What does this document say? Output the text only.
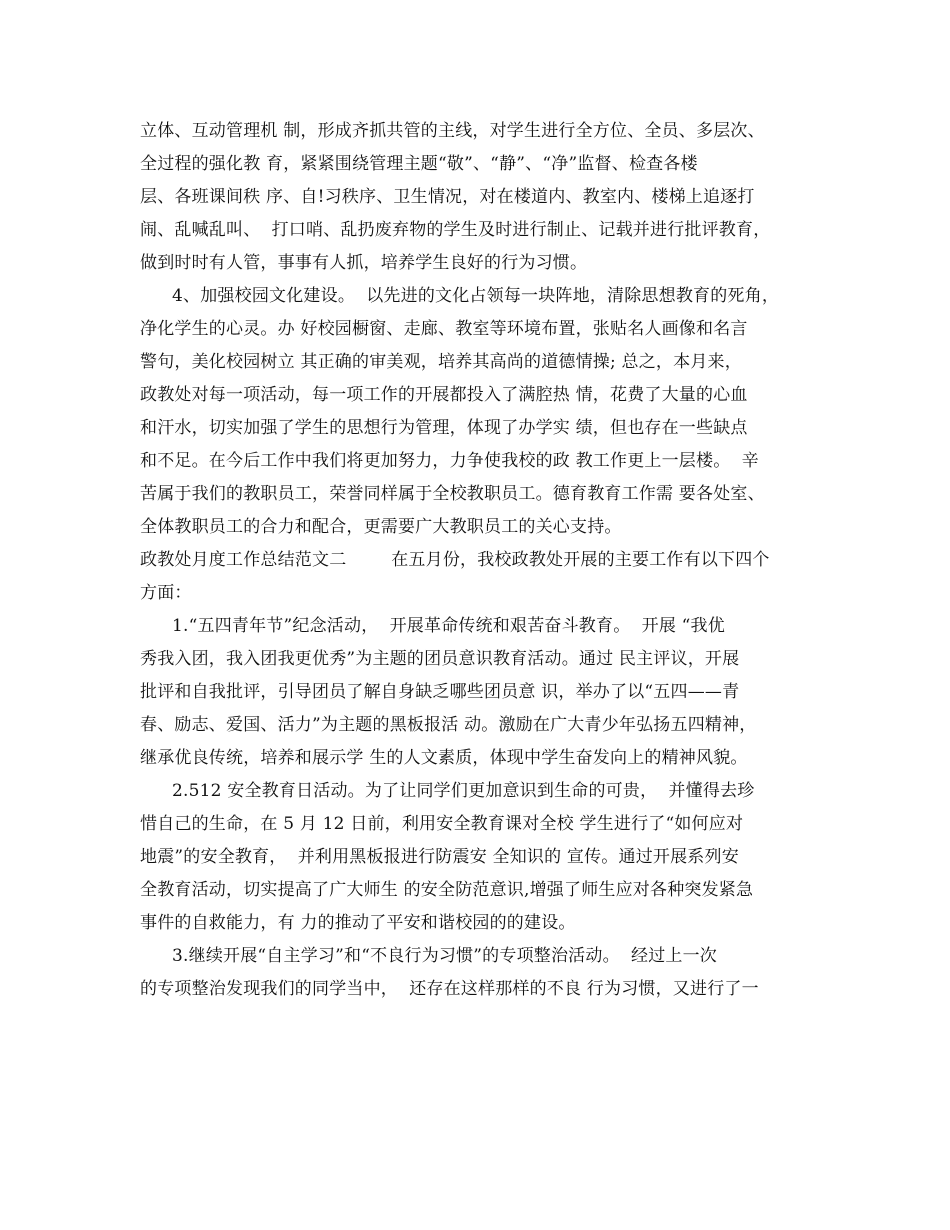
立体、互动管理机 制，形成齐抓共管的主线，对学生进行全方位、全员、多层次、
全过程的强化教 育，紧紧围绕管理主题“敬”、“静”、“净”监督、检查各楼
层、各班课间秩 序、自!习秩序、卫生情况，对在楼道内、教室内、楼梯上追逐打
闹、乱喊乱叫、  打口哨、乱扔废弃物的学生及时进行制止、记载并进行批评教育，
做到时时有人管，事事有人抓，培养学生良好的行为习惯。
4、加强校园文化建设。  以先进的文化占领每一块阵地，清除思想教育的死角，
净化学生的心灵。办 好校园橱窗、走廊、教室等环境布置，张贴名人画像和名言
警句，美化校园树立 其正确的审美观，培养其高尚的道德情操; 总之，本月来，
政教处对每一项活动，每一项工作的开展都投入了满腔热 情，花费了大量的心血
和汗水，切实加强了学生的思想行为管理，体现了办学实 绩，但也存在一些缺点
和不足。在今后工作中我们将更加努力，力争使我校的政 教工作更上一层楼。  辛
苦属于我们的教职员工，荣誉同样属于全校教职员工。德育教育工作需 要各处室、
全体教职员工的合力和配合，更需要广大教职员工的关心支持。
政教处月度工作总结范文二        在五月份，我校政教处开展的主要工作有以下四个
方面：
1.“五四青年节”纪念活动，  开展革命传统和艰苦奋斗教育。  开展 “我优
秀我入团，我入团我更优秀”为主题的团员意识教育活动。通过 民主评议，开展
批评和自我批评，引导团员了解自身缺乏哪些团员意 识，举办了以“五四——青
春、励志、爱国、活力”为主题的黑板报活 动。激励在广大青少年弘扬五四精神，
继承优良传统，培养和展示学 生的人文素质，体现中学生奋发向上的精神风貌。
2.512 安全教育日活动。为了让同学们更加意识到生命的可贵，  并懂得去珍
惜自己的生命，在 5 月 12 日前，利用安全教育课对全校 学生进行了“如何应对
地震”的安全教育，  并利用黑板报进行防震安 全知识的 宣传。通过开展系列安
全教育活动，切实提高了广大师生 的安全防范意识,增强了师生应对各种突发紧急
事件的自救能力，有 力的推动了平安和谐校园的的建设。
3.继续开展“自主学习”和“不良行为习惯”的专项整治活动。  经过上一次
的专项整治发现我们的同学当中，  还存在这样那样的不良 行为习惯，又进行了一
